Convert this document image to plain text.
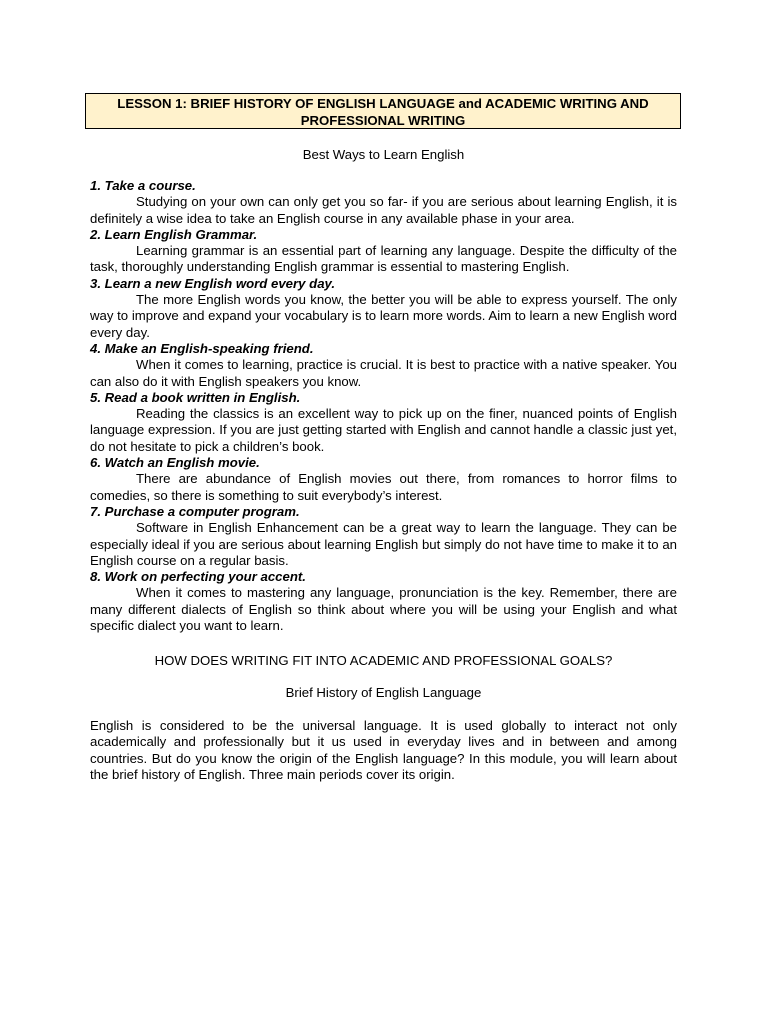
LESSON 1: BRIEF HISTORY OF ENGLISH LANGUAGE and ACADEMIC WRITING AND PROFESSIONAL WRITING
Best Ways to Learn English

1. Take a course.

Studying on your own can only get you so far- if you are serious about learning English, it is definitely a wise idea to take an English course in any available phase in your area.

2. Learn English Grammar.

Learning grammar is an essential part of learning any language. Despite the difficulty of the task, thoroughly understanding English grammar is essential to mastering English.

3. Learn a new English word every day.

The more English words you know, the better you will be able to express yourself. The only way to improve and expand your vocabulary is to learn more words. Aim to learn a new English word every day.

4. Make an English-speaking friend.

When it comes to learning, practice is crucial. It is best to practice with a native speaker. You can also do it with English speakers you know.

5. Read a book written in English.

Reading the classics is an excellent way to pick up on the finer, nuanced points of English language expression. If you are just getting started with English and cannot handle a classic just yet, do not hesitate to pick a children’s book.

6. Watch an English movie.

There are abundance of English movies out there, from romances to horror films to comedies, so there is something to suit everybody’s interest.

7. Purchase a computer program.

Software in English Enhancement can be a great way to learn the language. They can be especially ideal if you are serious about learning English but simply do not have time to make it to an English course on a regular basis.

8. Work on perfecting your accent.

When it comes to mastering any language, pronunciation is the key. Remember, there are many different dialects of English so think about where you will be using your English and what specific dialect you want to learn.

HOW DOES WRITING FIT INTO ACADEMIC AND PROFESSIONAL GOALS?
Brief History of English Language

English is considered to be the universal language. It is used globally to interact not only academically and professionally but it us used in everyday lives and in between and among countries. But do you know the origin of the English language? In this module, you will learn about the brief history of English. Three main periods cover its origin.
